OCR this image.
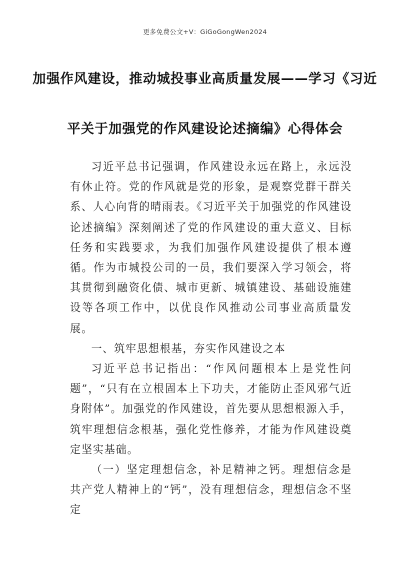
更多免费公文+V：GiGoGongWen2024
加强作风建设，推动城投事业高质量发展——学习《习近
平关于加强党的作风建设论述摘编》心得体会

习近平总书记强调，作风建设永远在路上，永远没有休止符。党的作风就是党的形象，是观察党群干群关系、人心向背的晴雨表。《习近平关于加强党的作风建设论述摘编》深刻阐述了党的作风建设的重大意义、目标任务和实践要求，为我们加强作风建设提供了根本遵循。作为市城投公司的一员，我们要深入学习领会，将其贯彻到融资化债、城市更新、城镇建设、基础设施建设等各项工作中，以优良作风推动公司事业高质量发展。

一、筑牢思想根基，夯实作风建设之本

习近平总书记指出：“作风问题根本上是党性问题”，“只有在立根固本上下功夫，才能防止歪风邪气近身附体”。加强党的作风建设，首先要从思想根源入手，筑牢理想信念根基，强化党性修养，才能为作风建设奠定坚实基础。

（一）坚定理想信念，补足精神之钙。理想信念是共产党人精神上的“钙”，没有理想信念，理想信念不坚定
